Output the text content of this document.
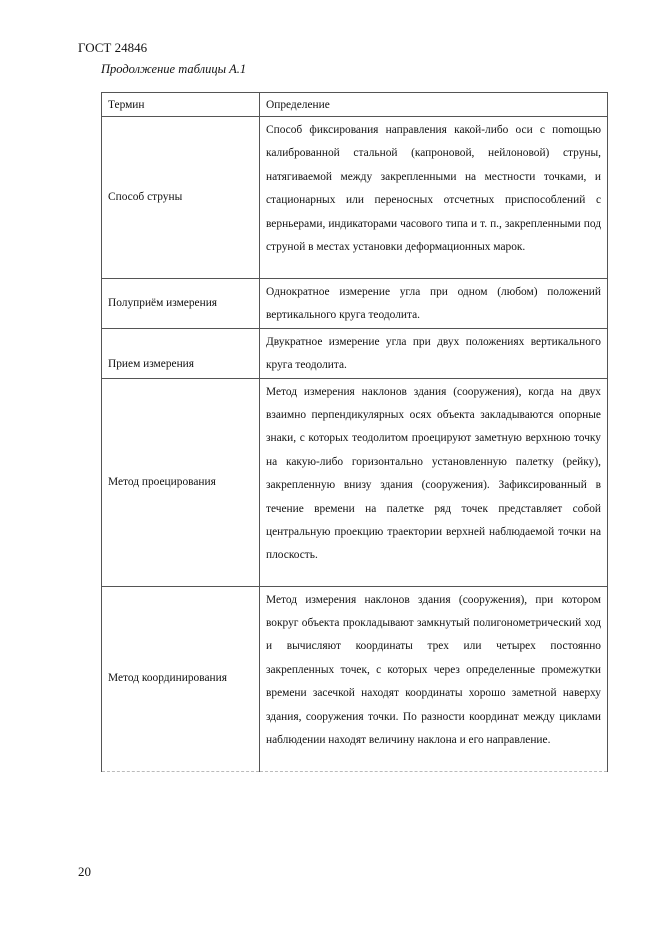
ГОСТ 24846

Продолжение таблицы А.1

Термин	Определение
Способ струны	Способ фиксирования направления какой-либо оси с поmощью калиброванной стальной (капроновой, нейлоновой) струны, натягиваемой между закрепленными на местности точками, и стационарных или переносных отсчетных приспособлений с верньерами, индикаторами часового типа и т. п., закрепленными под струной в местах установки деформационных марок.
Полуприём измерения	Однократное измерение угла при одном (любом) положений вертикального круга теодолита.
Прием измерения	Двукратное измерение угла при двух положениях вертикального круга теодолита.
Метод проецирования	Метод измерения наклонов здания (сооружения), когда на двух взаимно перпендикулярных осях объекта закладываются опорные знаки, с которых теодолитом проецируют заметную верхнюю точку на какую-либо горизонтально установленную палетку (рейку), закрепленную внизу здания (сооружения). Зафиксированный в течение времени на палетке ряд точек представляет собой центральную проекцию траектории верхней наблюдаемой точки на плоскость.
Метод координирования	Метод измерения наклонов здания (сооружения), при котором вокруг объекта прокладывают замкнутый полигонометрический ход и вычисляют координаты трех или четырех постоянно закрепленных точек, с которых через определенные промежутки времени засечкой находят координаты хорошо заметной наверху здания, сооружения точки. По разности координат между циклами наблюдении находят величину наклона и его направление.

20
